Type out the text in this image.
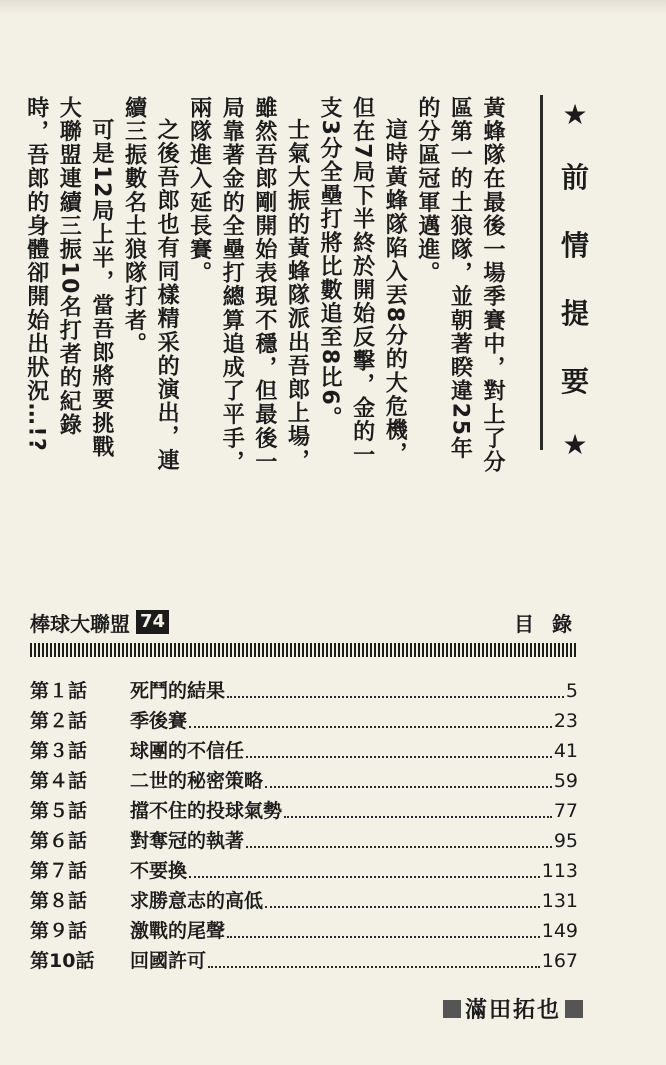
★
前
情
提
要
★

黃蜂隊在最後一場季賽中，對上了分區第一的土狼隊，並朝著睽違25年的分區冠軍邁進。

這時黃蜂隊陷入丟8分的大危機，但在7局下半終於開始反擊，金的一支3分全壘打將比數追至8比6。

士氣大振的黃蜂隊派出吾郎上場，雖然吾郎剛開始表現不穩，但最後一局靠著金的全壘打總算追成了平手，兩隊進入延長賽。

之後吾郎也有同樣精采的演出，連續三振數名土狼隊打者。

可是12局上半，當吾郎將要挑戰大聯盟連續三振10名打者的紀錄時，吾郎的身體卻開始出狀況…!?

棒球大聯盟 74	目錄
第１話	死鬥的結果	5
第２話	季後賽	23
第３話	球團的不信任	41
第４話	二世的秘密策略	59
第５話	擋不住的投球氣勢	77
第６話	對奪冠的執著	95
第７話	不要換	113
第８話	求勝意志的高低	131
第９話	激戰的尾聲	149
第10話	回國許可	167
滿田拓也
